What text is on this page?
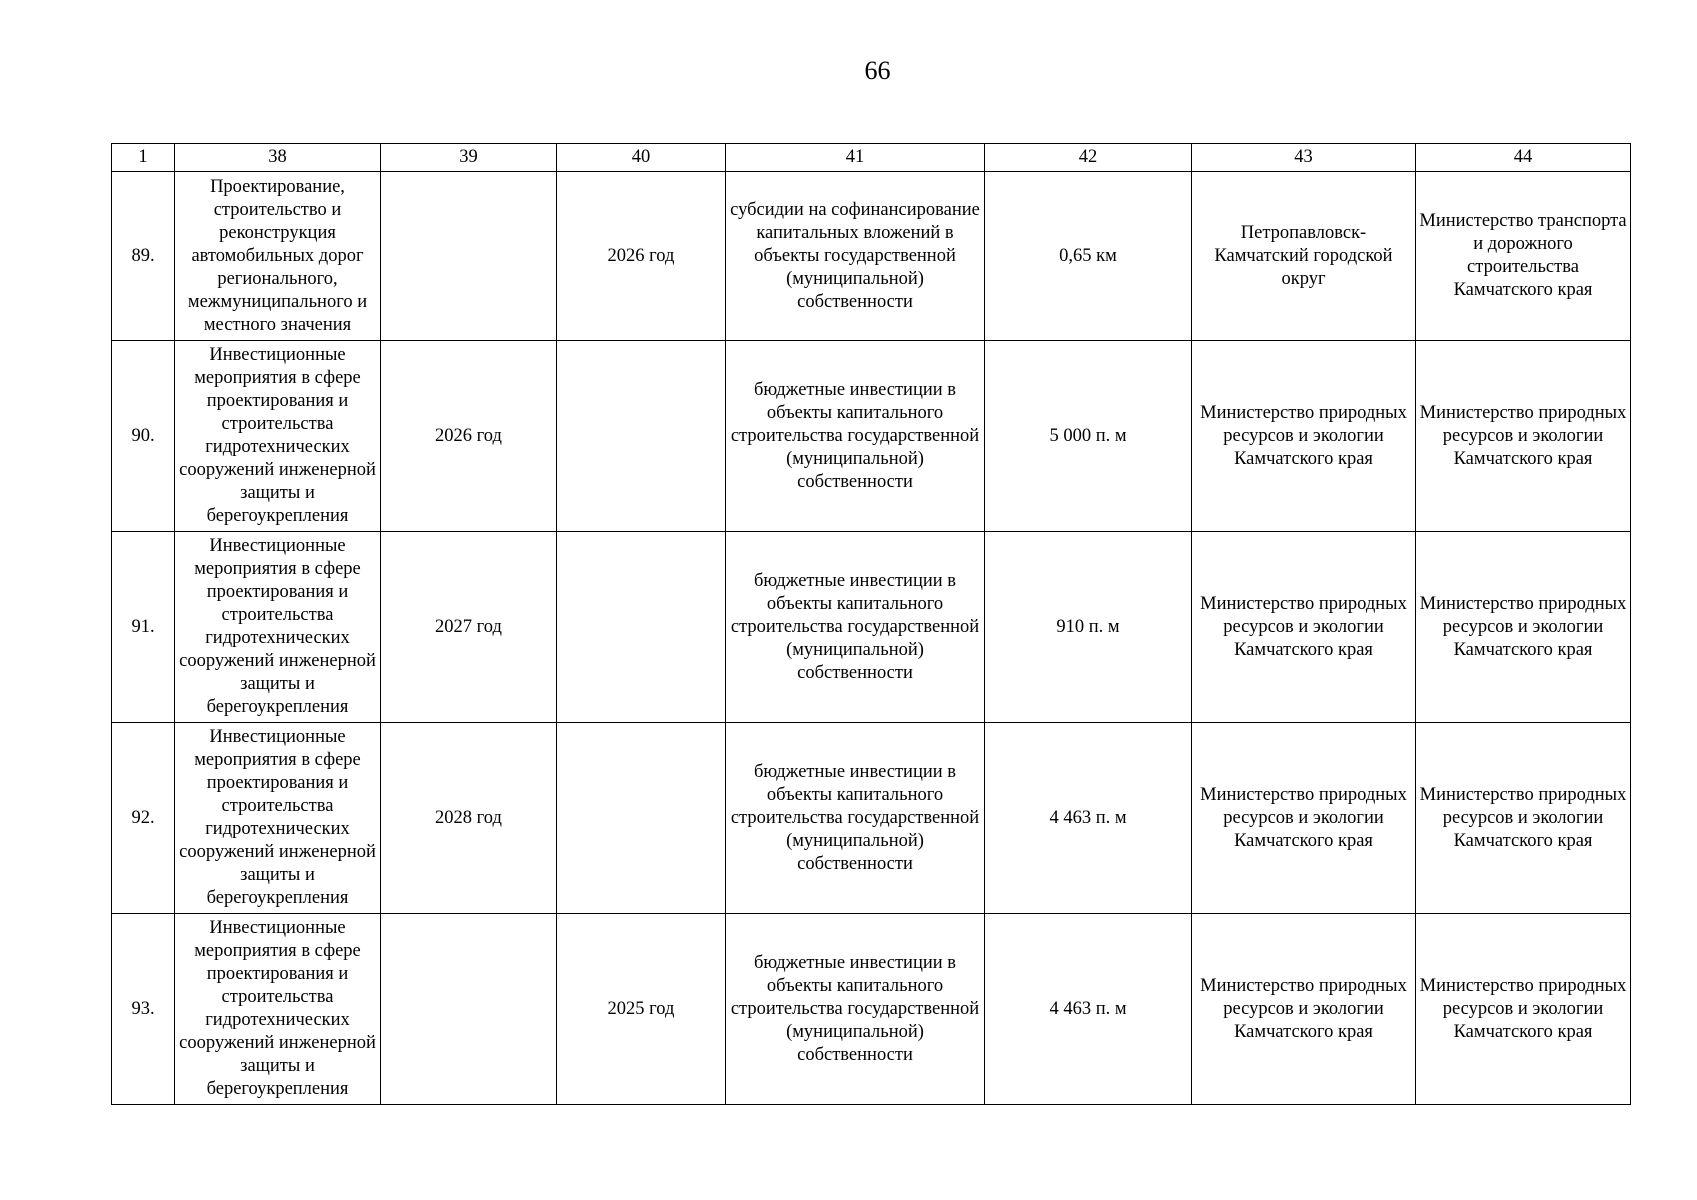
66
1	38	39	40	41	42	43	44
89.	Проектирование, строительство и реконструкция автомобильных дорог регионального, межмуниципального и местного значения		2026 год	субсидии на софинансирование капитальных вложений в объекты государственной (муниципальной) собственности	0,65 км	Петропавловск-Камчатский городской округ	Министерство транспорта и дорожного строительства Камчатского края
90.	Инвестиционные мероприятия в сфере проектирования и строительства гидротехнических сооружений инженерной защиты и берегоукрепления	2026 год		бюджетные инвестиции в объекты капитального строительства государственной (муниципальной) собственности	5 000 п. м	Министерство природных ресурсов и экологии Камчатского края	Министерство природных ресурсов и экологии Камчатского края
91.	Инвестиционные мероприятия в сфере проектирования и строительства гидротехнических сооружений инженерной защиты и берегоукрепления	2027 год		бюджетные инвестиции в объекты капитального строительства государственной (муниципальной) собственности	910 п. м	Министерство природных ресурсов и экологии Камчатского края	Министерство природных ресурсов и экологии Камчатского края
92.	Инвестиционные мероприятия в сфере проектирования и строительства гидротехнических сооружений инженерной защиты и берегоукрепления	2028 год		бюджетные инвестиции в объекты капитального строительства государственной (муниципальной) собственности	4 463 п. м	Министерство природных ресурсов и экологии Камчатского края	Министерство природных ресурсов и экологии Камчатского края
93.	Инвестиционные мероприятия в сфере проектирования и строительства гидротехнических сооружений инженерной защиты и берегоукрепления		2025 год	бюджетные инвестиции в объекты капитального строительства государственной (муниципальной) собственности	4 463 п. м	Министерство природных ресурсов и экологии Камчатского края	Министерство природных ресурсов и экологии Камчатского края
